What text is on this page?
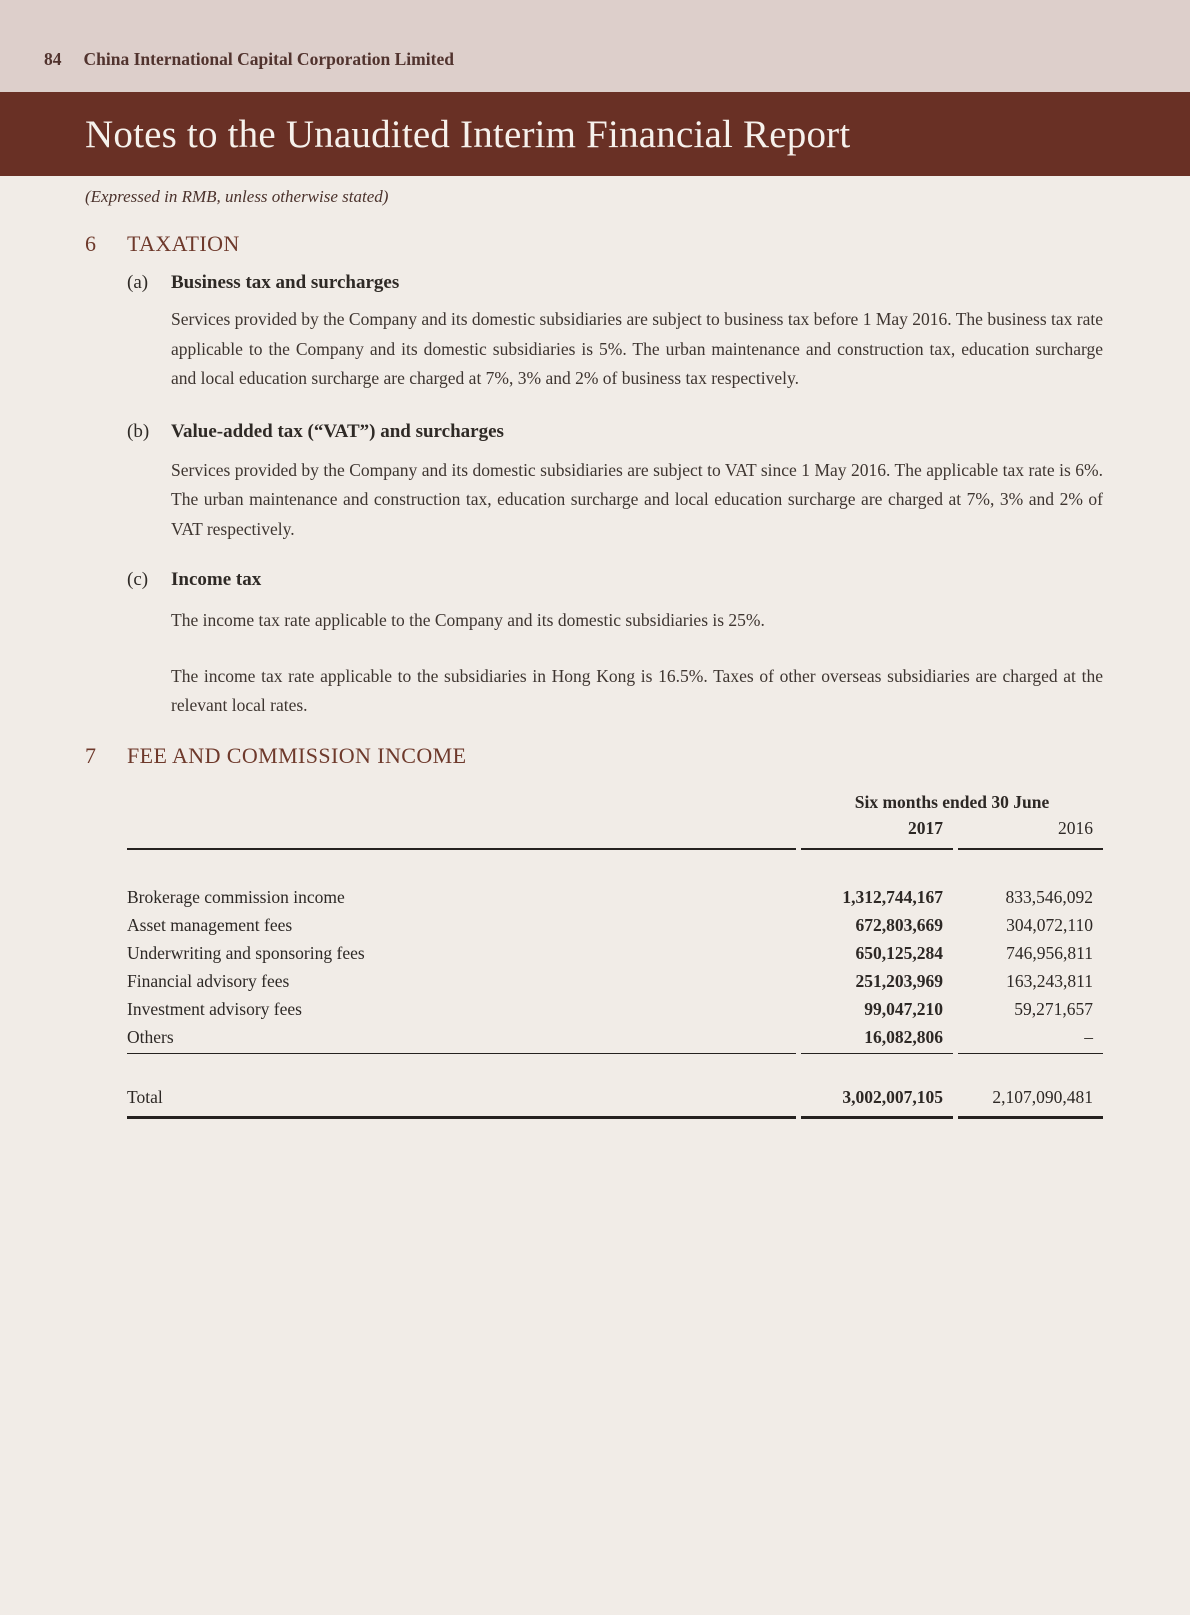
84 China International Capital Corporation Limited
Notes to the Unaudited Interim Financial Report
(Expressed in RMB, unless otherwise stated)
6	TAXATION
(a)	Business tax and surcharges

Services provided by the Company and its domestic subsidiaries are subject to business tax before 1 May 2016. The business tax rate applicable to the Company and its domestic subsidiaries is 5%. The urban maintenance and construction tax, education surcharge and local education surcharge are charged at 7%, 3% and 2% of business tax respectively.

(b)	Value-added tax (“VAT”) and surcharges

Services provided by the Company and its domestic subsidiaries are subject to VAT since 1 May 2016. The applicable tax rate is 6%. The urban maintenance and construction tax, education surcharge and local education surcharge are charged at 7%, 3% and 2% of VAT respectively.

(c)	Income tax

The income tax rate applicable to the Company and its domestic subsidiaries is 25%.

The income tax rate applicable to the subsidiaries in Hong Kong is 16.5%. Taxes of other overseas subsidiaries are charged at the relevant local rates.

7	FEE AND COMMISSION INCOME
Six months ended 30 June
2017	2016
Brokerage commission income	1,312,744,167	833,546,092
Asset management fees	672,803,669	304,072,110
Underwriting and sponsoring fees	650,125,284	746,956,811
Financial advisory fees	251,203,969	163,243,811
Investment advisory fees	99,047,210	59,271,657
Others	16,082,806	–
Total	3,002,007,105	2,107,090,481
